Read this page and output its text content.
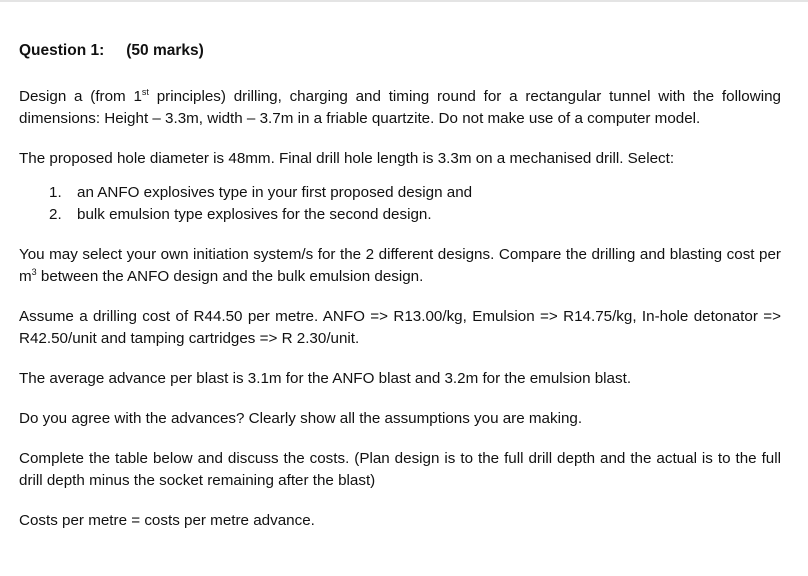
Question 1: (50 marks)

Design a (from 1st principles) drilling, charging and timing round for a rectangular tunnel with the following dimensions: Height – 3.3m, width – 3.7m in a friable quartzite. Do not make use of a computer model.

The proposed hole diameter is 48mm. Final drill hole length is 3.3m on a mechanised drill. Select:

1. an ANFO explosives type in your first proposed design and
2. bulk emulsion type explosives for the second design.

You may select your own initiation system/s for the 2 different designs. Compare the drilling and blasting cost per $m^3$ between the ANFO design and the bulk emulsion design.

Assume a drilling cost of R44.50 per metre. ANFO => R13.00/kg, Emulsion => R14.75/kg, In-hole detonator => R42.50/unit and tamping cartridges => R 2.30/unit.

The average advance per blast is 3.1m for the ANFO blast and 3.2m for the emulsion blast.

Do you agree with the advances? Clearly show all the assumptions you are making.

Complete the table below and discuss the costs. (Plan design is to the full drill depth and the actual is to the full drill depth minus the socket remaining after the blast)

Costs per metre = costs per metre advance.
